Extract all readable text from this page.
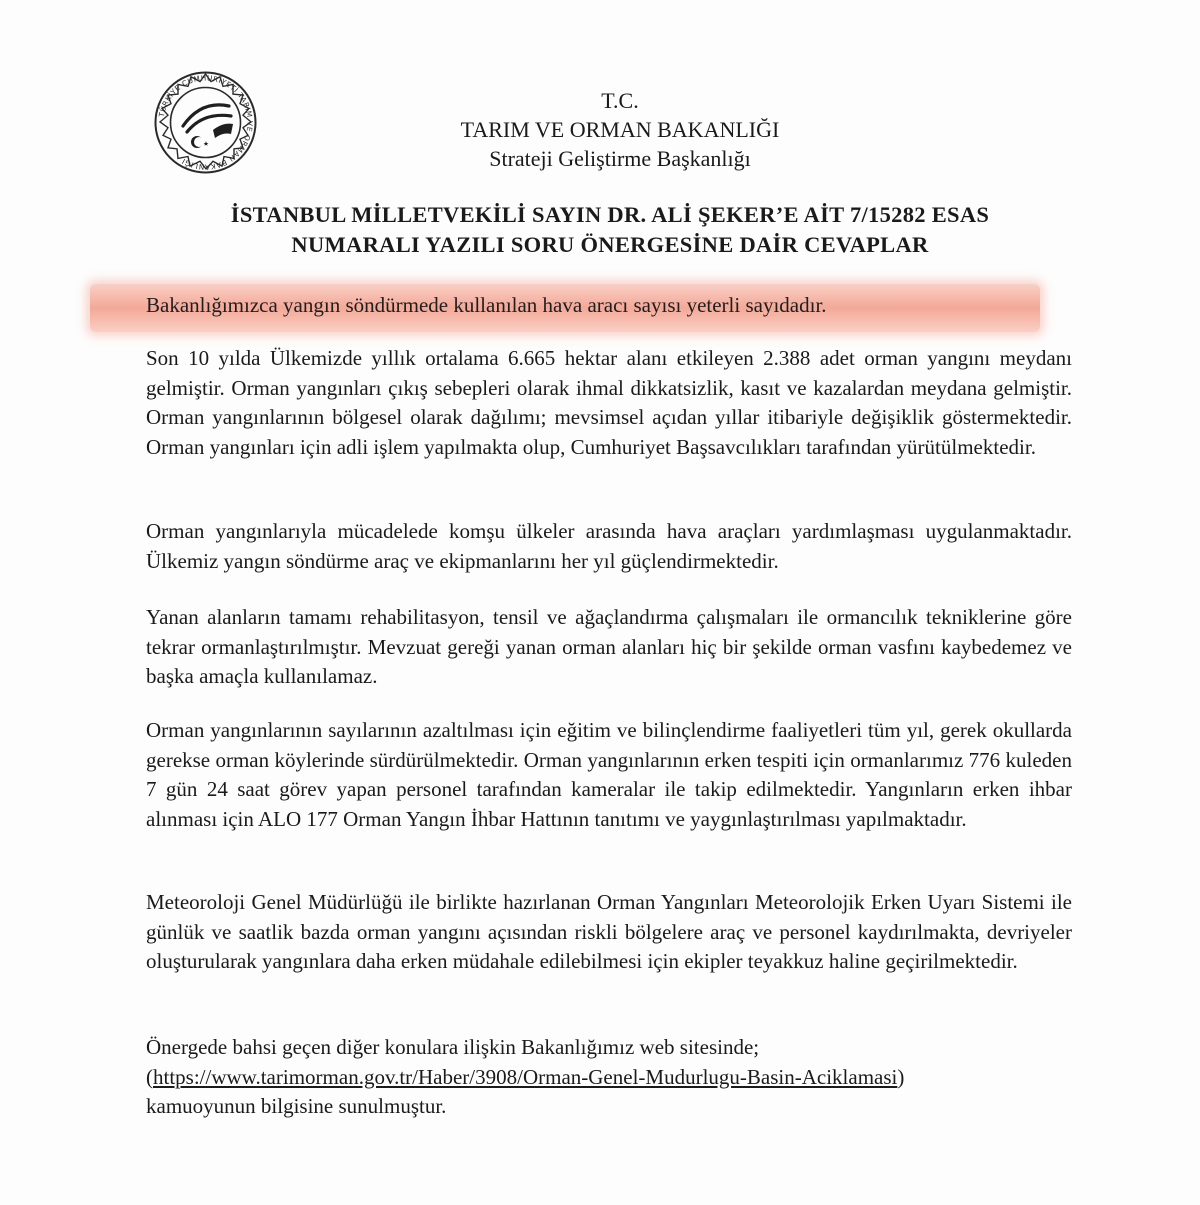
TÜRKİYE CUMHURİYETİ TARIM VE ORMAN BAKANLIĞI
T.C.
TARIM VE ORMAN BAKANLIĞI
Strateji Geliştirme Başkanlığı
İSTANBUL MİLLETVEKİLİ SAYIN DR. ALİ ŞEKER’E AİT 7/15282 ESAS
NUMARALI YAZILI SORU ÖNERGESİNE DAİR CEVAPLAR
Bakanlığımızca yangın söndürmede kullanılan hava aracı sayısı yeterli sayıdadır.
Son 10 yılda Ülkemizde yıllık ortalama 6.665 hektar alanı etkileyen 2.388 adet orman yangını meydanı gelmiştir. Orman yangınları çıkış sebepleri olarak ihmal dikkatsizlik, kasıt ve kazalardan meydana gelmiştir. Orman yangınlarının bölgesel olarak dağılımı; mevsimsel açıdan yıllar itibariyle değişiklik göstermektedir. Orman yangınları için adli işlem yapılmakta olup, Cumhuriyet Başsavcılıkları tarafından yürütülmektedir.
Orman yangınlarıyla mücadelede komşu ülkeler arasında hava araçları yardımlaşması uygulanmaktadır. Ülkemiz yangın söndürme araç ve ekipmanlarını her yıl güçlendirmektedir.
Yanan alanların tamamı rehabilitasyon, tensil ve ağaçlandırma çalışmaları ile ormancılık tekniklerine göre tekrar ormanlaştırılmıştır. Mevzuat gereği yanan orman alanları hiç bir şekilde orman vasfını kaybedemez ve başka amaçla kullanılamaz.
Orman yangınlarının sayılarının azaltılması için eğitim ve bilinçlendirme faaliyetleri tüm yıl, gerek okullarda gerekse orman köylerinde sürdürülmektedir. Orman yangınlarının erken tespiti için ormanlarımız 776 kuleden 7 gün 24 saat görev yapan personel tarafından kameralar ile takip edilmektedir. Yangınların erken ihbar alınması için ALO 177 Orman Yangın İhbar Hattının tanıtımı ve yaygınlaştırılması yapılmaktadır.
Meteoroloji Genel Müdürlüğü ile birlikte hazırlanan Orman Yangınları Meteorolojik Erken Uyarı Sistemi ile günlük ve saatlik bazda orman yangını açısından riskli bölgelere araç ve personel kaydırılmakta, devriyeler oluşturularak yangınlara daha erken müdahale edilebilmesi için ekipler teyakkuz haline geçirilmektedir.
Önergede bahsi geçen diğer konulara ilişkin Bakanlığımız web sitesinde;
(https://www.tarimorman.gov.tr/Haber/3908/Orman-Genel-Mudurlugu-Basin-Aciklamasi)
kamuoyunun bilgisine sunulmuştur.
